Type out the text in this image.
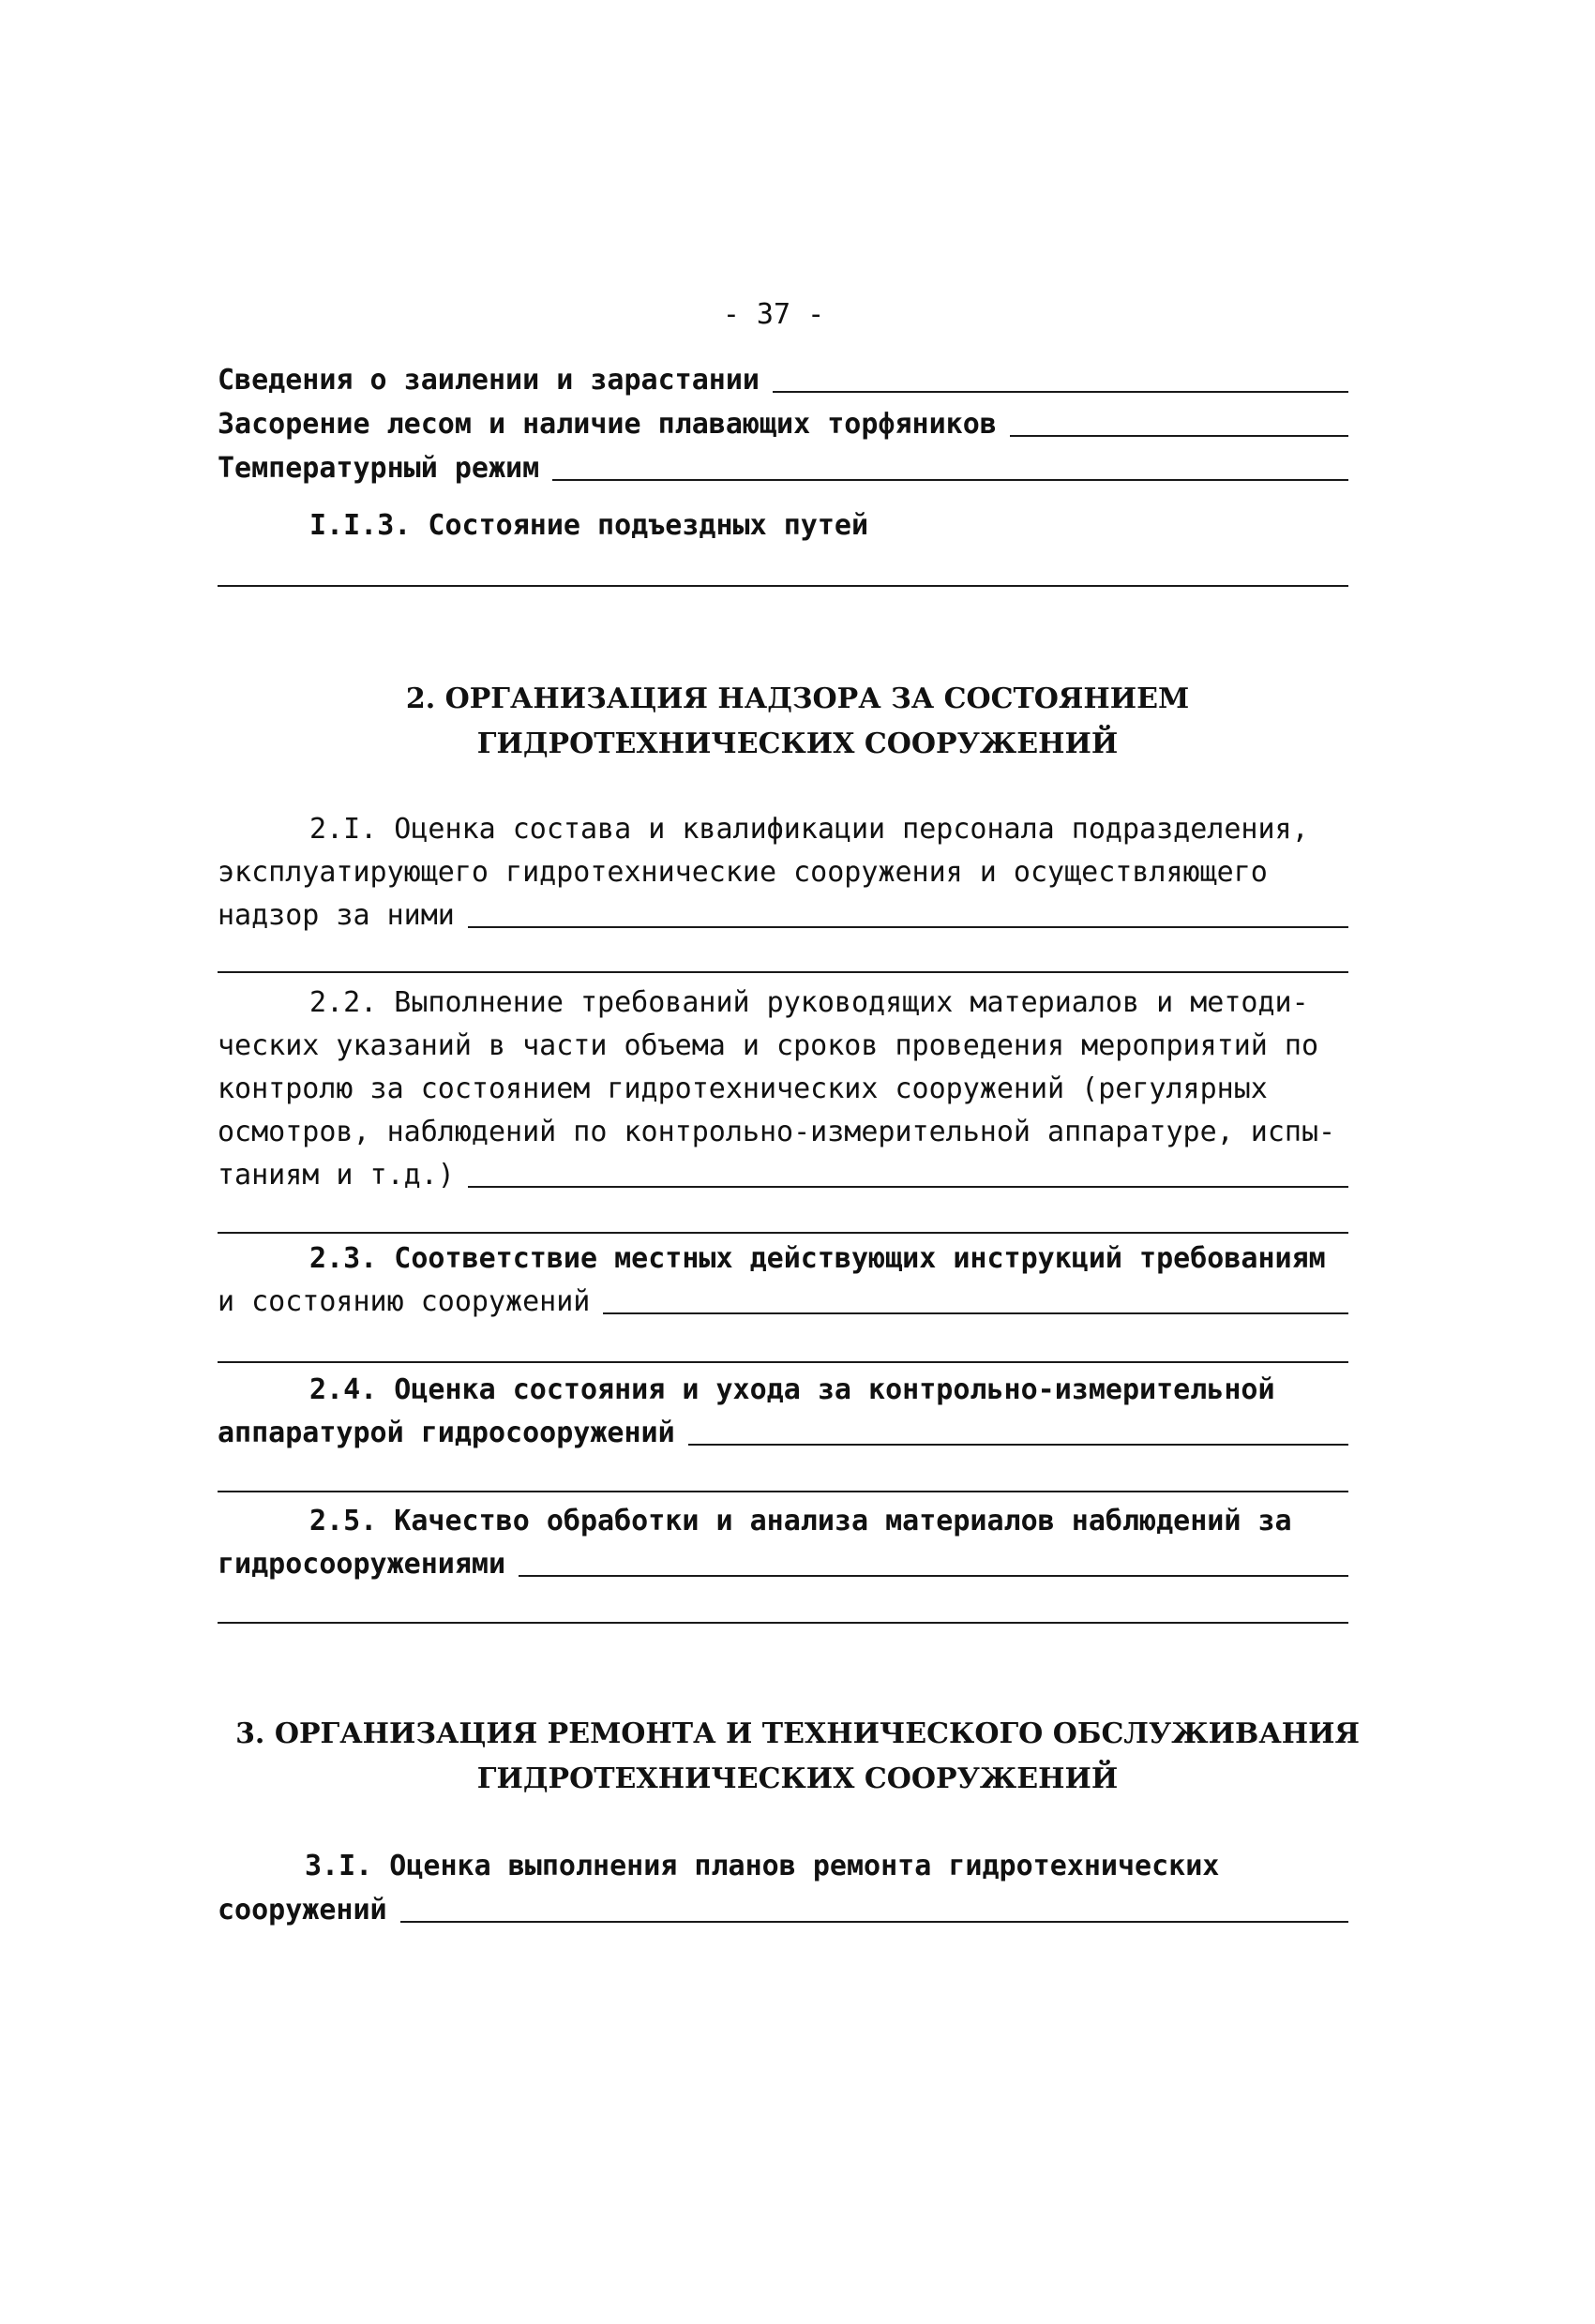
- 37 -
Сведения о заилении и зарастании
Засорение лесом и наличие плавающих торфяников
Температурный режим
I.I.3. Состояние подъездных путей
2. ОРГАНИЗАЦИЯ НАДЗОРА ЗА СОСТОЯНИЕМ
ГИДРОТЕХНИЧЕСКИХ СООРУЖЕНИЙ
2.I. Оценка состава и квалификации персонала подразделения,
эксплуатирующего гидротехнические сооружения и осуществляющего
надзор за ними
2.2. Выполнение требований руководящих материалов и методи-
ческих указаний в части объема и сроков проведения мероприятий по
контролю за состоянием гидротехнических сооружений (регулярных
осмотров, наблюдений по контрольно-измерительной аппаратуре, испы-
таниям и т.д.)
2.3. Соответствие местных действующих инструкций требованиям
и состоянию сооружений
2.4. Оценка состояния и ухода за контрольно-измерительной
аппаратурой гидросооружений
2.5. Качество обработки и анализа материалов наблюдений за
гидросооружениями
3. ОРГАНИЗАЦИЯ РЕМОНТА И ТЕХНИЧЕСКОГО ОБСЛУЖИВАНИЯ
ГИДРОТЕХНИЧЕСКИХ СООРУЖЕНИЙ
3.I. Оценка выполнения планов ремонта гидротехнических
сооружений
